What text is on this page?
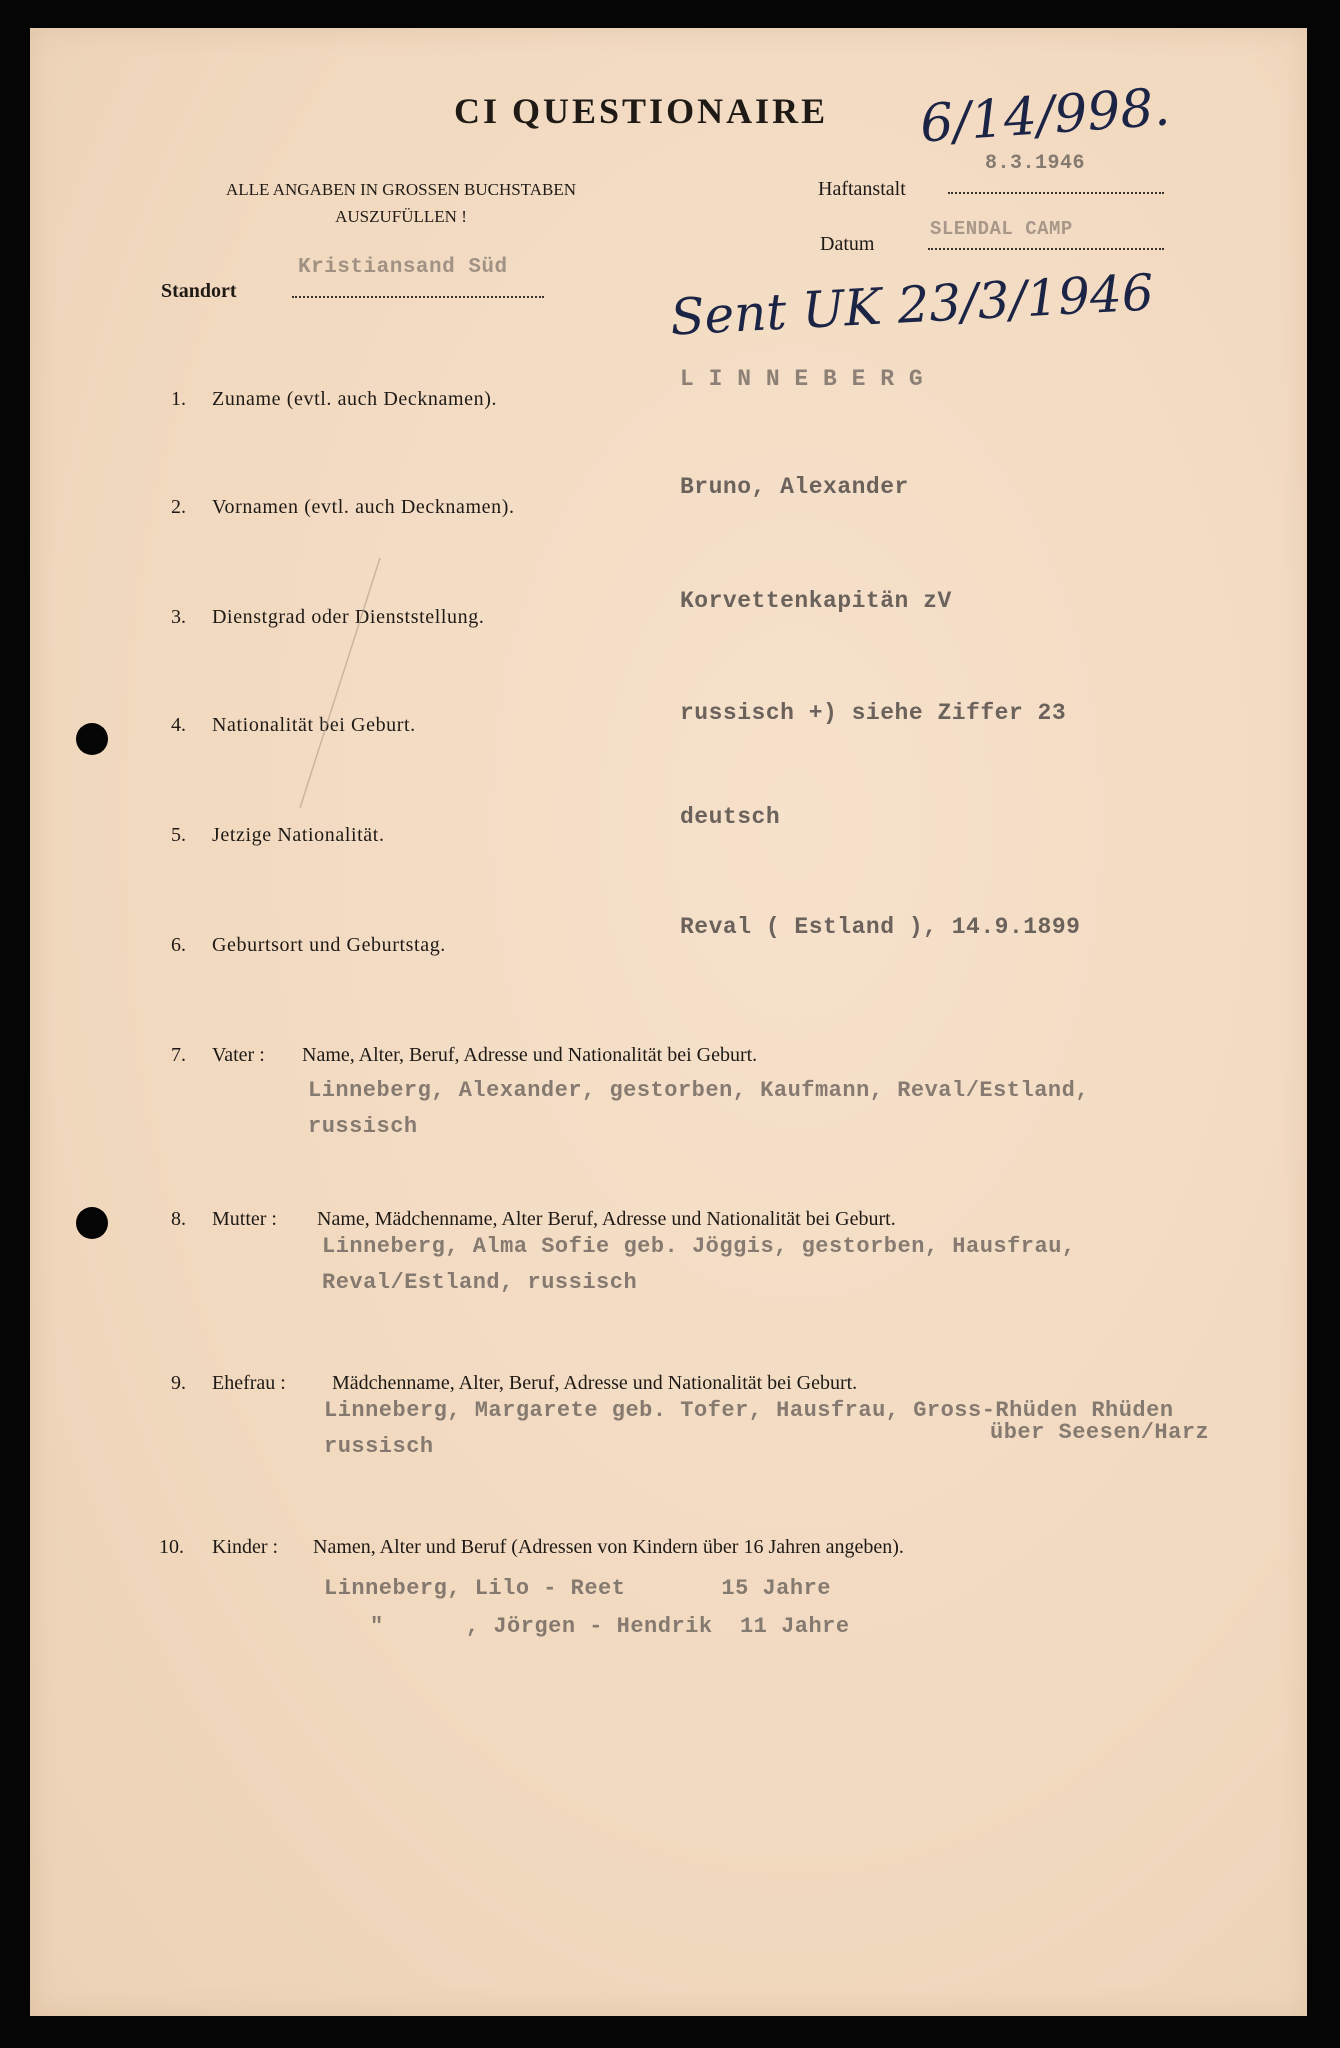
CI QUESTIONAIRE 6/14/998.
ALLE ANGABEN IN GROSSEN BUCHSTABEN
AUSZUFÜLLEN !
Haftanstalt
8.3.1946
Datum
SLENDAL CAMP
Standort
Kristiansand Süd	Sent UK 23/3/1946
1. Zuname (evtl. auch Decknamen).
L I N N E B E R G
2. Vornamen (evtl. auch Decknamen).
Bruno, Alexander
3. Dienstgrad oder Dienststellung.
Korvettenkapitän zV
4. Nationalität bei Geburt.	russisch +) siehe Ziffer 23
5. Jetzige Nationalität.
deutsch
6. Geburtsort und Geburtstag.
Reval ( Estland ), 14.9.1899
7. Vater : Name, Alter, Beruf, Adresse und Nationalität bei Geburt.
Linneberg, Alexander, gestorben, Kaufmann, Reval/Estland,
russisch
8. Mutter : Name, Mädchenname, Alter Beruf, Adresse und Nationalität bei Geburt.
Linneberg, Alma Sofie geb. Jöggis, gestorben, Hausfrau,
Reval/Estland, russisch
9. Ehefrau : Mädchenname, Alter, Beruf, Adresse und Nationalität bei Geburt.
Linneberg, Margarete geb. Tofer, Hausfrau, Gross-Rhüden Rhüden
russisch
über Seesen/Harz
10. Kinder : Namen, Alter und Beruf (Adressen von Kindern über 16 Jahren angeben).
Linneberg, Lilo - Reet       15 Jahre
"      , Jörgen - Hendrik  11 Jahre
